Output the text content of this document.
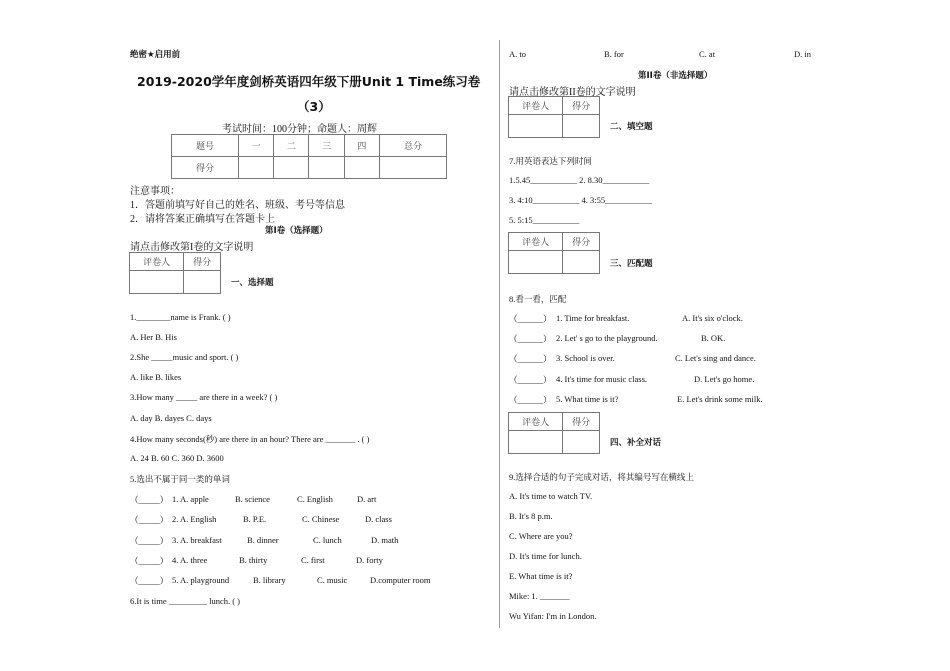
绝密★启用前
2019-2020学年度剑桥英语四年级下册Unit 1 Time练习卷
（3）
考试时间：100分钟；命题人：周辉
题号	一	二	三	四	总分
得分					
注意事项：
1．答题前填写好自己的姓名、班级、考号等信息
2．请将答案正确填写在答题卡上
第I卷（选择题）
请点击修改第I卷的文字说明
评卷人	得分

一、选择题
1.________name is Frank. ( )
A. Her B. His
2.She _____music and sport. ( )
A. like B. likes
3.How many _____ are there in a week? ( )
A. day B. dayes C. days
4.How many seconds(秒) are there in an hour? There are _______ . ( )
A. 24 B. 60 C. 360 D. 3600
5.选出不属于同一类的单词
（_____） 1. A. apple	B. science	C. English	D. art
（_____） 2. A. English	B. P.E.	C. Chinese	D. class
（_____） 3. A. breakfast	B. dinner	C. lunch	D. math
（_____） 4. A. three	B. thirty	C. first	D. forty
（_____） 5. A. playground	B. library	C. music	D.computer room
6.It is time _________ lunch. ( )
A. to	B. for	C. at	D. in
第II卷（非选择题）
请点击修改第II卷的文字说明
评卷人	得分

二、填空题
7.用英语表达下列时间
1.5.45___________ 2. 8.30___________
3. 4:10___________ 4. 3:55___________
5. 5:15___________
评卷人	得分

三、匹配题
8.看一看，匹配
（______） 1. Time for breakfast.	A. It's six o'clock.
（______） 2. Let' s go to the playground.	B. OK.
（______） 3. School is over.	C. Let's sing and dance.
（______） 4. It's time for music class.	D. Let's go home.
（______） 5. What time is it?	E. Let's drink some milk.
评卷人	得分

四、补全对话
9.选择合适的句子完成对话，将其编号写在横线上
A. It's time to watch TV.
B. It's 8 p.m.
C. Where are you?
D. It's time for lunch.
E. What time is it?
Mike: 1. _______
Wu Yifan: I'm in London.
